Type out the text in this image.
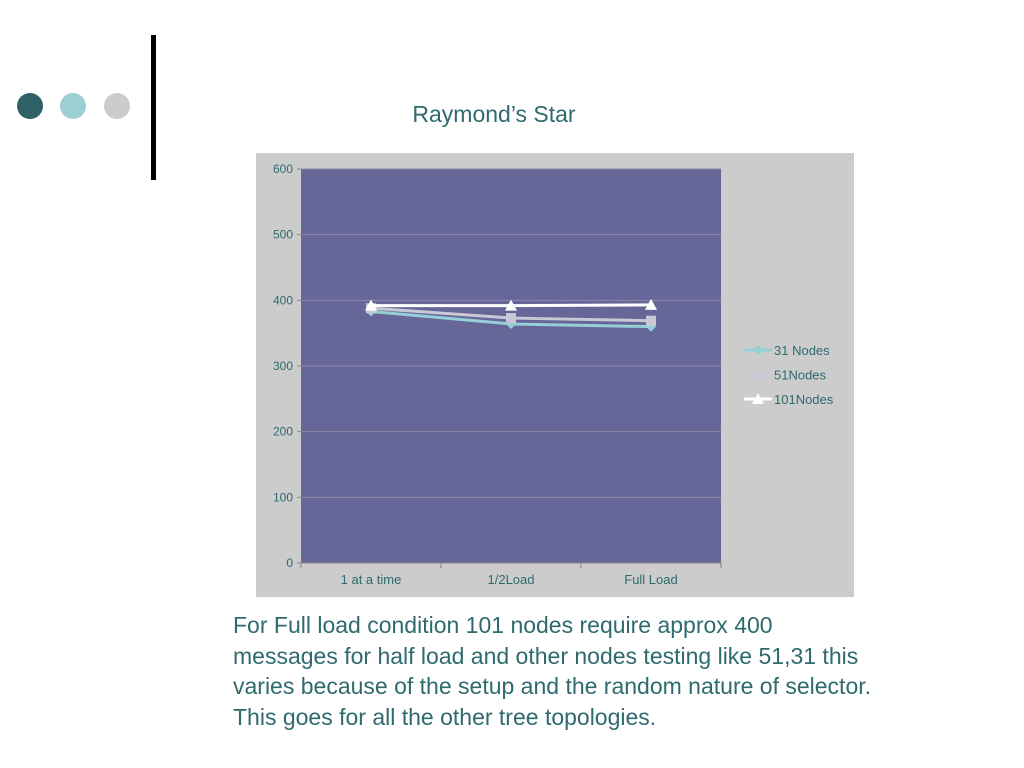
Raymond’s Star
0
100
200
300
400
500
600
1 at a time	1/2Load	Full Load
31 Nodes
51Nodes
101Nodes
For Full load condition 101 nodes require approx 400 messages for half load and other nodes testing like 51,31 this varies because of the setup and the random nature of selector. This goes for all the other tree topologies.
